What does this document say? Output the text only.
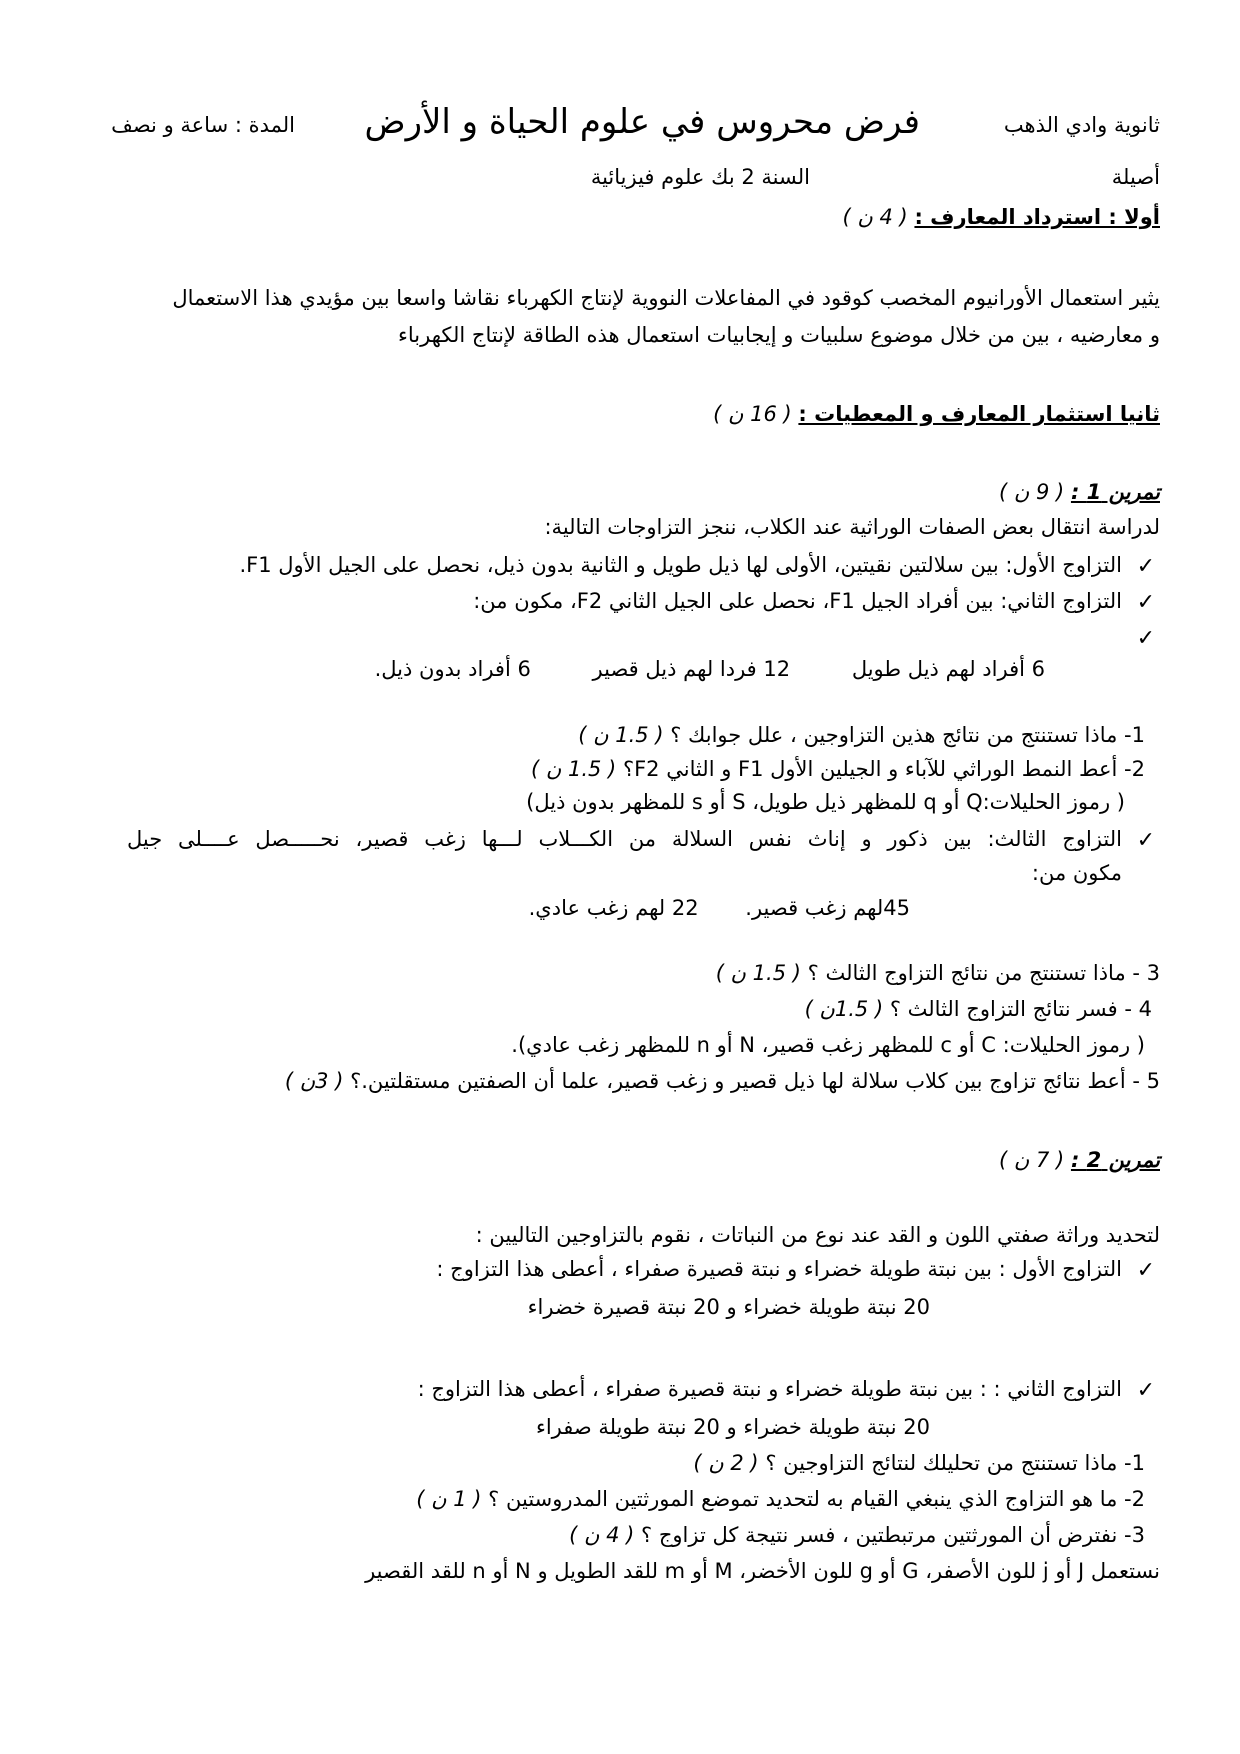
ثانوية وادي الذهب
فرض محروس في علوم الحياة و الأرض
المدة : ساعة و نصف
أصيلة
السنة 2 بك علوم فيزيائية
أولا : استرداد المعارف : ( 4 ن )
يثير استعمال الأورانيوم المخصب كوقود في المفاعلات النووية لإنتاج الكهرباء نقاشا واسعا بين مؤيدي هذا الاستعمال
و معارضيه ، بين من خلال موضوع سلبيات و إيجابيات استعمال هذه الطاقة لإنتاج الكهرباء
ثانيا استثمار المعارف و المعطيات : ( 16 ن )
تمرين 1 : ( 9 ن )
لدراسة انتقال بعض الصفات الوراثية عند الكلاب، ننجز التزاوجات التالية:
✓
التزاوج الأول: بين سلالتين نقيتين، الأولى لها ذيل طويل و الثانية بدون ذيل، نحصل على الجيل الأول F1.
✓
التزاوج الثاني: بين أفراد الجيل F1، نحصل على الجيل الثاني F2، مكون من:
✓
6 أفراد لهم ذيل طويل 12 فردا لهم ذيل قصير 6 أفراد بدون ذيل.
1- ماذا تستنتج من نتائج هذين التزاوجين ، علل جوابك ؟ ( 1.5 ن )
2- أعط النمط الوراثي للآباء و الجيلين الأول F1 و الثاني F2؟ ( 1.5 ن )
( رموز الحليلات:Q أو q للمظهر ذيل طويل، S أو s للمظهر بدون ذيل)
✓
التزاوج الثالث: بين ذكور و إناث نفس السلالة من الكـــلاب لـــها زغب قصير، نحـــــصل عــــلى جيل
مكون من:
45لهم زغب قصير. 22 لهم زغب عادي.
3 - ماذا تستنتج من نتائج التزاوج الثالث ؟ ( 1.5 ن )
4 - فسر نتائج التزاوج الثالث ؟ ( 1.5ن )
( رموز الحليلات: C أو c للمظهر زغب قصير، N أو n للمظهر زغب عادي).
5 - أعط نتائج تزاوج بين كلاب سلالة لها ذيل قصير و زغب قصير، علما أن الصفتين مستقلتين.؟ ( 3ن )
تمرين 2 : ( 7 ن )
لتحديد وراثة صفتي اللون و القد عند نوع من النباتات ، نقوم بالتزاوجين التاليين :
✓
التزاوج الأول : بين نبتة طويلة خضراء و نبتة قصيرة صفراء ، أعطى هذا التزاوج :
20 نبتة طويلة خضراء و 20 نبتة قصيرة خضراء
✓
التزاوج الثاني : : بين نبتة طويلة خضراء و نبتة قصيرة صفراء ، أعطى هذا التزاوج :
20 نبتة طويلة خضراء و 20 نبتة طويلة صفراء
1- ماذا تستنتج من تحليلك لنتائج التزاوجين ؟ ( 2 ن )
2- ما هو التزاوج الذي ينبغي القيام به لتحديد تموضع المورثتين المدروستين ؟ ( 1 ن )
3- نفترض أن المورثتين مرتبطتين ، فسر نتيجة كل تزاوج ؟ ( 4 ن )
نستعمل J أو j للون الأصفر، G أو g للون الأخضر، M أو m للقد الطويل و N أو n للقد القصير
